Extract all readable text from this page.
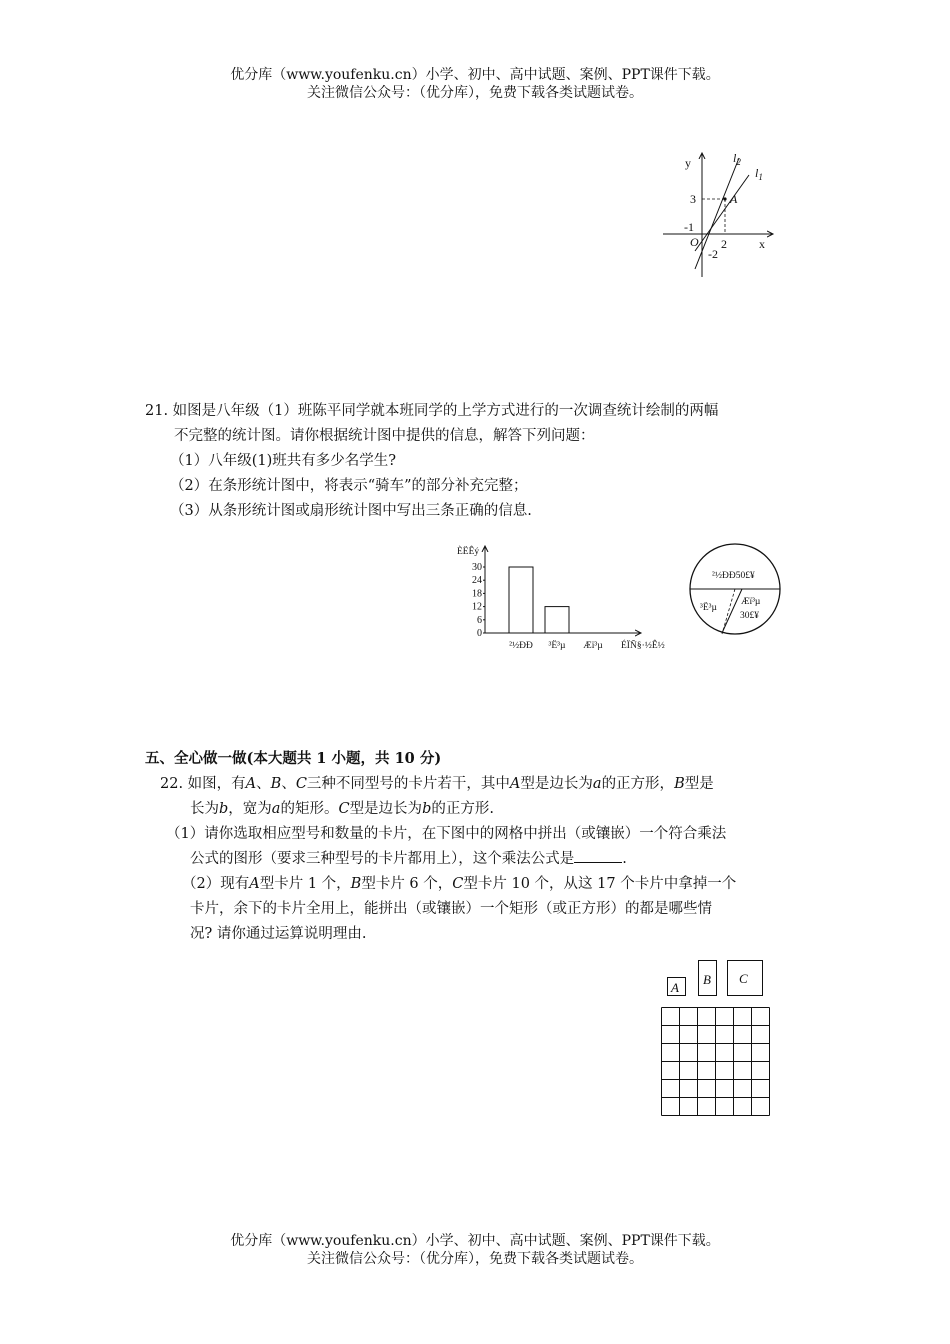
优分库（www.youfenku.cn）小学、初中、高中试题、案例、PPT课件下载。
关注微信公众号：（优分库），免费下载各类试题试卷。
y
x
O
$l_2$
$l_1$
A
3
-1
2
-2
21. 如图是八年级（1）班陈平同学就本班同学的上学方式进行的一次调查统计绘制的两幅
不完整的统计图。请你根据统计图中提供的信息，解答下列问题：
（1）八年级(1)班共有多少名学生?
（2）在条形统计图中，将表示“骑车”的部分补充完整；
（3）从条形统计图或扇形统计图中写出三条正确的信息.
ÈËÊý
ÉÏÑ§·½Ê½
0
6
12
18
24
30
²½ÐÐ ³Ë³µ Æï³µ
²½ÐÐ50£¥
³Ë³µ
Æï³µ
30£¥
五、全心做一做(本大题共 1 小题，共 10 分)
22. 如图，有A、B、C三种不同型号的卡片若干，其中A型是边长为a的正方形，B型是
长为b，宽为a的矩形。C型是边长为b的正方形.
（1）请你选取相应型号和数量的卡片，在下图中的网格中拼出（或镶嵌）一个符合乘法
公式的图形（要求三种型号的卡片都用上），这个乘法公式是	.
（2）现有A型卡片 1 个，B型卡片 6 个，C型卡片 10 个，从这 17 个卡片中拿掉一个
卡片，余下的卡片全用上，能拼出（或镶嵌）一个矩形（或正方形）的都是哪些情
况? 请你通过运算说明理由.
A
B C
优分库（www.youfenku.cn）小学、初中、高中试题、案例、PPT课件下载。
关注微信公众号：（优分库），免费下载各类试题试卷。
